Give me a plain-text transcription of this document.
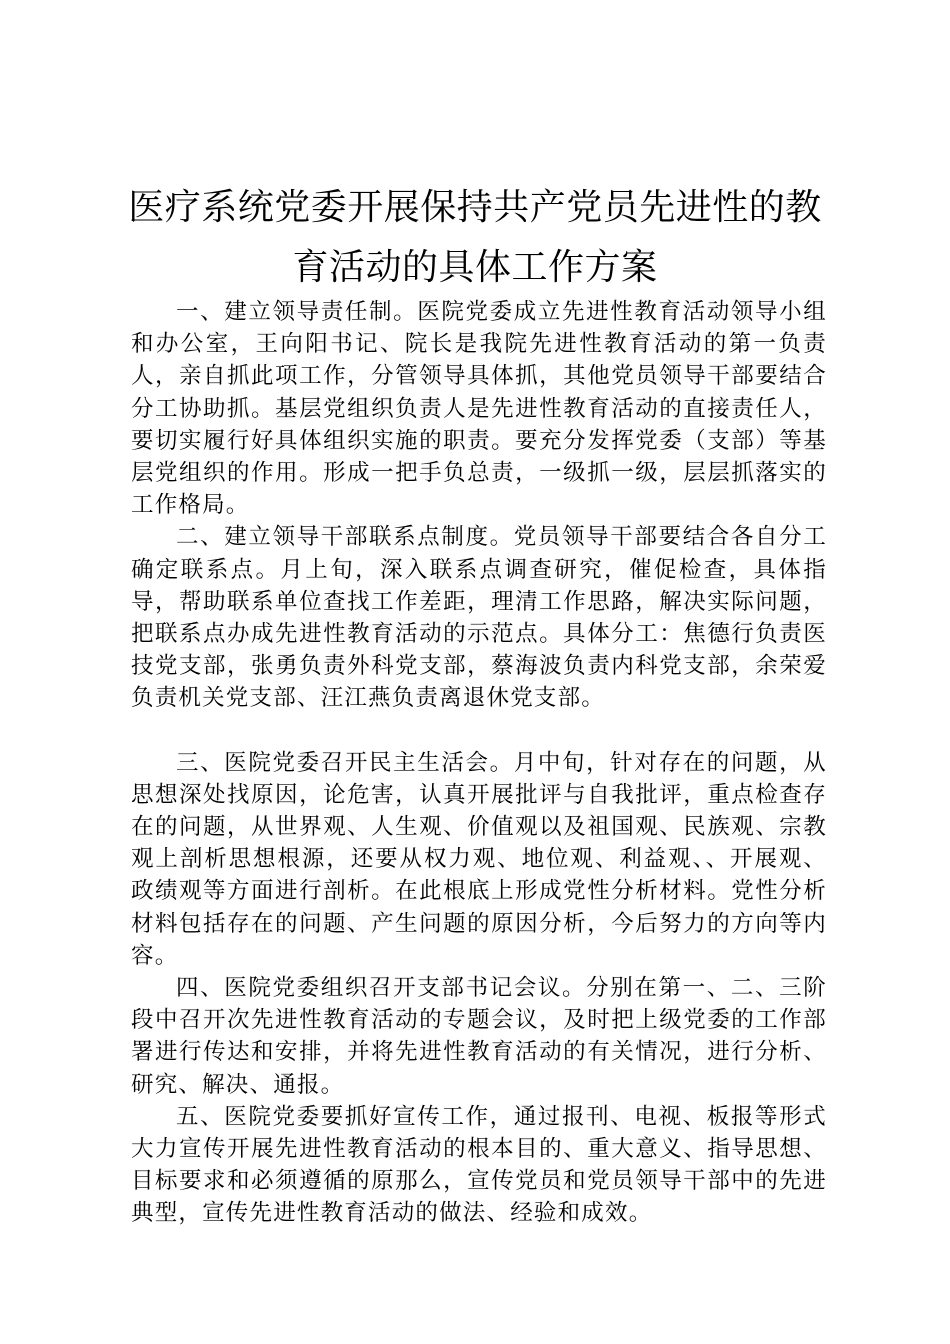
医疗系统党委开展保持共产党员先进性的教育活动的具体工作方案

一、建立领导责任制。医院党委成立先进性教育活动领导小组和办公室，王向阳书记、院长是我院先进性教育活动的第一负责人，亲自抓此项工作，分管领导具体抓，其他党员领导干部要结合分工协助抓。基层党组织负责人是先进性教育活动的直接责任人，要切实履行好具体组织实施的职责。要充分发挥党委（支部）等基层党组织的作用。形成一把手负总责，一级抓一级，层层抓落实的工作格局。

二、建立领导干部联系点制度。党员领导干部要结合各自分工确定联系点。月上旬，深入联系点调查研究，催促检查，具体指导，帮助联系单位查找工作差距，理清工作思路，解决实际问题，把联系点办成先进性教育活动的示范点。具体分工：焦德行负责医技党支部，张勇负责外科党支部，蔡海波负责内科党支部，余荣爱负责机关党支部、汪江燕负责离退休党支部。

三、医院党委召开民主生活会。月中旬，针对存在的问题，从思想深处找原因，论危害，认真开展批评与自我批评，重点检查存在的问题，从世界观、人生观、价值观以及祖国观、民族观、宗教观上剖析思想根源，还要从权力观、地位观、利益观、、开展观、政绩观等方面进行剖析。在此根底上形成党性分析材料。党性分析材料包括存在的问题、产生问题的原因分析，今后努力的方向等内容。

四、医院党委组织召开支部书记会议。分别在第一、二、三阶段中召开次先进性教育活动的专题会议，及时把上级党委的工作部署进行传达和安排，并将先进性教育活动的有关情况，进行分析、研究、解决、通报。

五、医院党委要抓好宣传工作，通过报刊、电视、板报等形式大力宣传开展先进性教育活动的根本目的、重大意义、指导思想、目标要求和必须遵循的原那么，宣传党员和党员领导干部中的先进典型，宣传先进性教育活动的做法、经验和成效。
